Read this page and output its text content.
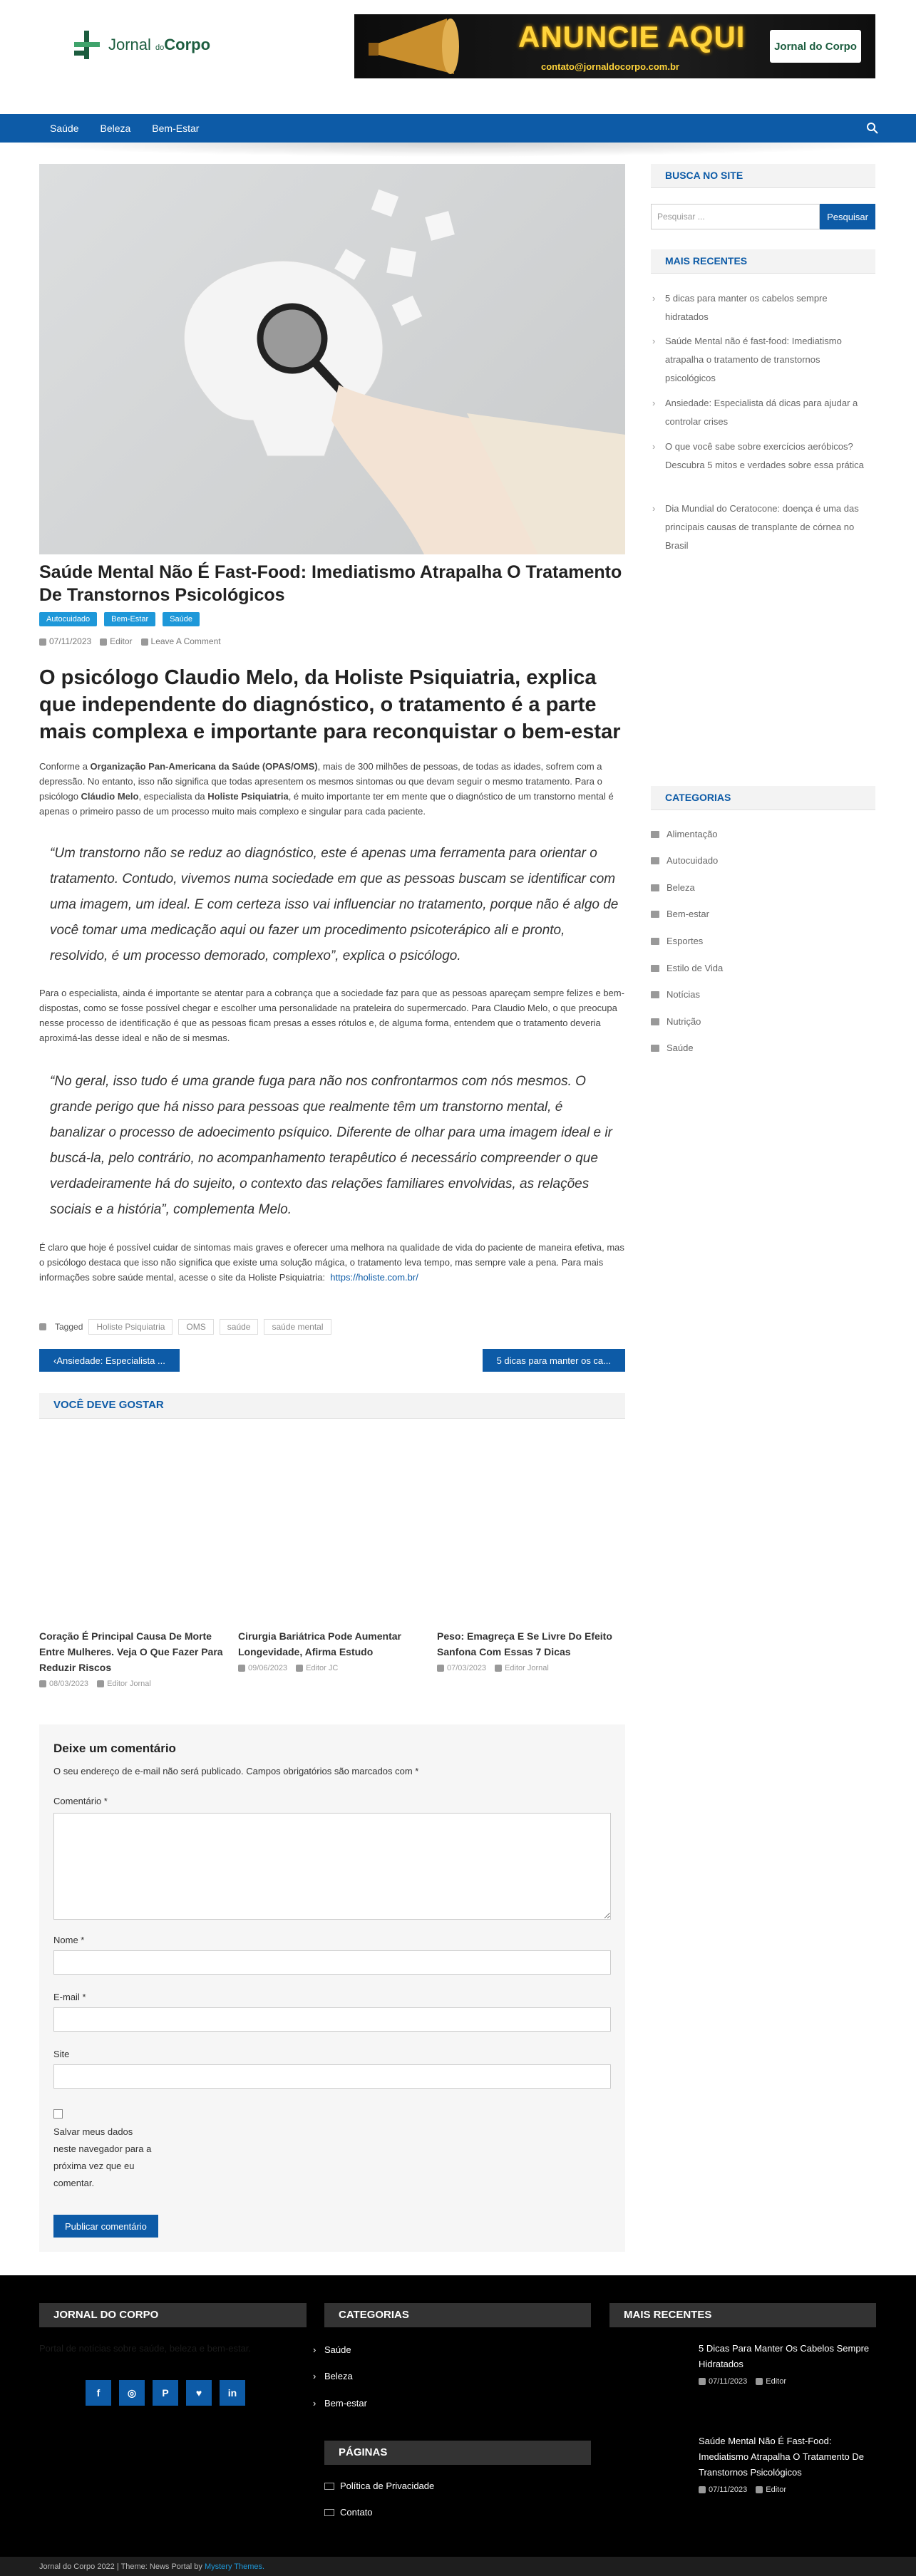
Jornal doCorpo	ANUNCIE AQUI
contato@jornaldocorpo.com.br
Jornal do Corpo
Saúde	Beleza	Bem-Estar
Saúde Mental Não É Fast-Food: Imediatismo Atrapalha O Tratamento De Transtornos Psicológicos
Autocuidado	Bem-Estar	Saúde
07/11/2023	Editor	Leave A Comment
O psicólogo Claudio Melo, da Holiste Psiquiatria, explica que independente do diagnóstico, o tratamento é a parte mais complexa e importante para reconquistar o bem-estar
Conforme a Organização Pan-Americana da Saúde (OPAS/OMS), mais de 300 milhões de pessoas, de todas as idades, sofrem com a depressão. No entanto, isso não significa que todas apresentem os mesmos sintomas ou que devam seguir o mesmo tratamento. Para o psicólogo Cláudio Melo, especialista da Holiste Psiquiatria, é muito importante ter em mente que o diagnóstico de um transtorno mental é apenas o primeiro passo de um processo muito mais complexo e singular para cada paciente.
“Um transtorno não se reduz ao diagnóstico, este é apenas uma ferramenta para orientar o tratamento. Contudo, vivemos numa sociedade em que as pessoas buscam se identificar com uma imagem, um ideal. E com certeza isso vai influenciar no tratamento, porque não é algo de você tomar uma medicação aqui ou fazer um procedimento psicoterápico ali e pronto, resolvido, é um processo demorado, complexo”, explica o psicólogo.
Para o especialista, ainda é importante se atentar para a cobrança que a sociedade faz para que as pessoas apareçam sempre felizes e bem-dispostas, como se fosse possível chegar e escolher uma personalidade na prateleira do supermercado. Para Claudio Melo, o que preocupa nesse processo de identificação é que as pessoas ficam presas a esses rótulos e, de alguma forma, entendem que o tratamento deveria aproximá-las desse ideal e não de si mesmas.
“No geral, isso tudo é uma grande fuga para não nos confrontarmos com nós mesmos. O grande perigo que há nisso para pessoas que realmente têm um transtorno mental, é banalizar o processo de adoecimento psíquico. Diferente de olhar para uma imagem ideal e ir buscá-la, pelo contrário, no acompanhamento terapêutico é necessário compreender o que verdadeiramente há do sujeito, o contexto das relações familiares envolvidas, as relações sociais e a história”, complementa Melo.
É claro que hoje é possível cuidar de sintomas mais graves e oferecer uma melhora na qualidade de vida do paciente de maneira efetiva, mas o psicólogo destaca que isso não significa que existe uma solução mágica, o tratamento leva tempo, mas sempre vale a pena. Para mais informações sobre saúde mental, acesse o site da Holiste Psiquiatria: https://holiste.com.br/
Tagged	Holiste Psiquiatria	OMS	saúde	saúde mental
‹ Ansiedade: Especialista ...	5 dicas para manter os ca...
VOCÊ DEVE GOSTAR
Coração É Principal Causa De Morte Entre Mulheres. Veja O Que Fazer Para Reduzir Riscos
08/03/2023	Editor Jornal
Cirurgia Bariátrica Pode Aumentar Longevidade, Afirma Estudo
09/06/2023	Editor JC
Peso: Emagreça E Se Livre Do Efeito Sanfona Com Essas 7 Dicas
07/03/2023	Editor Jornal
Deixe um comentário
O seu endereço de e-mail não será publicado. Campos obrigatórios são marcados com *
Comentário *
Nome *
E-mail *
Site
Salvar meus dados neste navegador para a próxima vez que eu comentar.
Publicar comentário
BUSCA NO SITE
Pesquisar ...	Pesquisar
MAIS RECENTES
› 5 dicas para manter os cabelos sempre hidratados
› Saúde Mental não é fast-food: Imediatismo atrapalha o tratamento de transtornos psicológicos
› Ansiedade: Especialista dá dicas para ajudar a controlar crises
› O que você sabe sobre exercícios aeróbicos? Descubra 5 mitos e verdades sobre essa prática
› Dia Mundial do Ceratocone: doença é uma das principais causas de transplante de córnea no Brasil
CATEGORIAS
Alimentação
Autocuidado
Beleza
Bem-estar
Esportes
Estilo de Vida
Notícias
Nutrição
Saúde
JORNAL DO CORPO
Portal de notícias sobre saúde, beleza e bem-estar.
f	◎	P	♥	in
CATEGORIAS
› Saúde
› Beleza
› Bem-estar
PÁGINAS
Política de Privacidade
Contato
MAIS RECENTES
5 Dicas Para Manter Os Cabelos Sempre Hidratados
07/11/2023	Editor
Saúde Mental Não É Fast-Food: Imediatismo Atrapalha O Tratamento De Transtornos Psicológicos
07/11/2023	Editor
Jornal do Corpo 2022 | Theme: News Portal by Mystery Themes.
